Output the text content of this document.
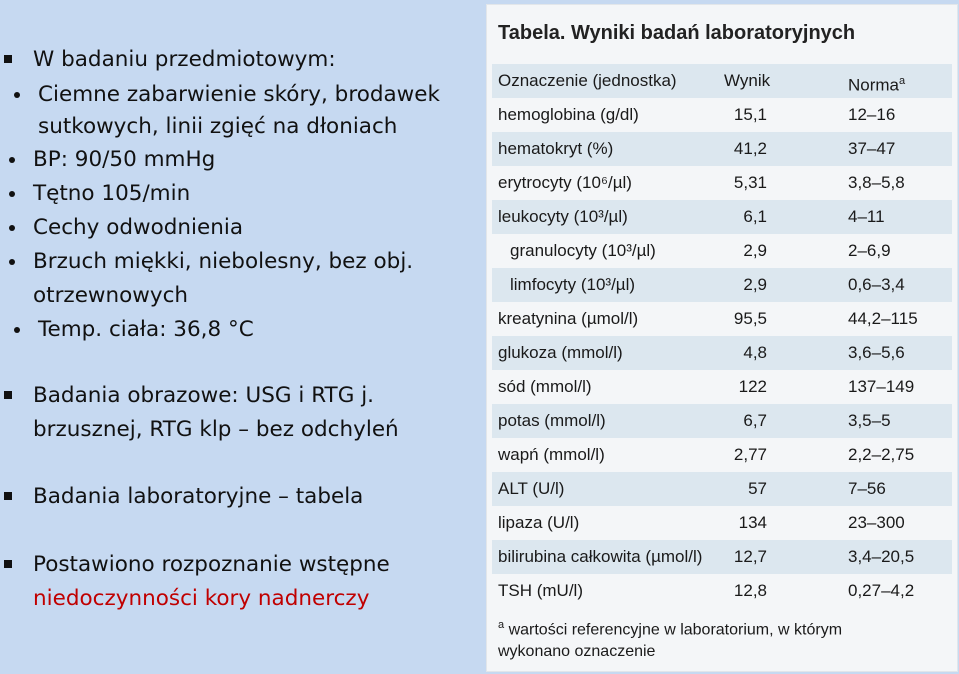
W badaniu przedmiotowym:
Ciemne zabarwienie skóry, brodawek
sutkowych, linii zgięć na dłoniach
BP: 90/50 mmHg
Tętno 105/min
Cechy odwodnienia
Brzuch miękki, niebolesny, bez obj.
otrzewnowych
Temp. ciała: 36,8 °C
Badania obrazowe: USG i RTG j.
brzusznej, RTG klp – bez odchyleń
Badania laboratoryjne – tabela
Postawiono rozpoznanie wstępne
niedoczynności kory nadnerczy
Tabela. Wyniki badań laboratoryjnych
Oznaczenie (jednostka)	Wynik	Norma$^a$
hemoglobina (g/dl)	15,1	12–16
hematokryt (%)	41,2	37–47
erytrocyty (10⁶/µl)	5,31	3,8–5,8
leukocyty (10³/µl)	6,1	4–11
granulocyty (10³/µl)	2,9	2–6,9
limfocyty (10³/µl)	2,9	0,6–3,4
kreatynina (µmol/l)	95,5	44,2–115
glukoza (mmol/l)	4,8	3,6–5,6
sód (mmol/l)	122	137–149
potas (mmol/l)	6,7	3,5–5
wapń (mmol/l)	2,77	2,2–2,75
ALT (U/l)	57	7–56
lipaza (U/l)	134	23–300
bilirubina całkowita (µmol/l)	12,7	3,4–20,5
TSH (mU/l)	12,8	0,27–4,2
$^a$ wartości referencyjne w laboratorium, w którym
wykonano oznaczenie
